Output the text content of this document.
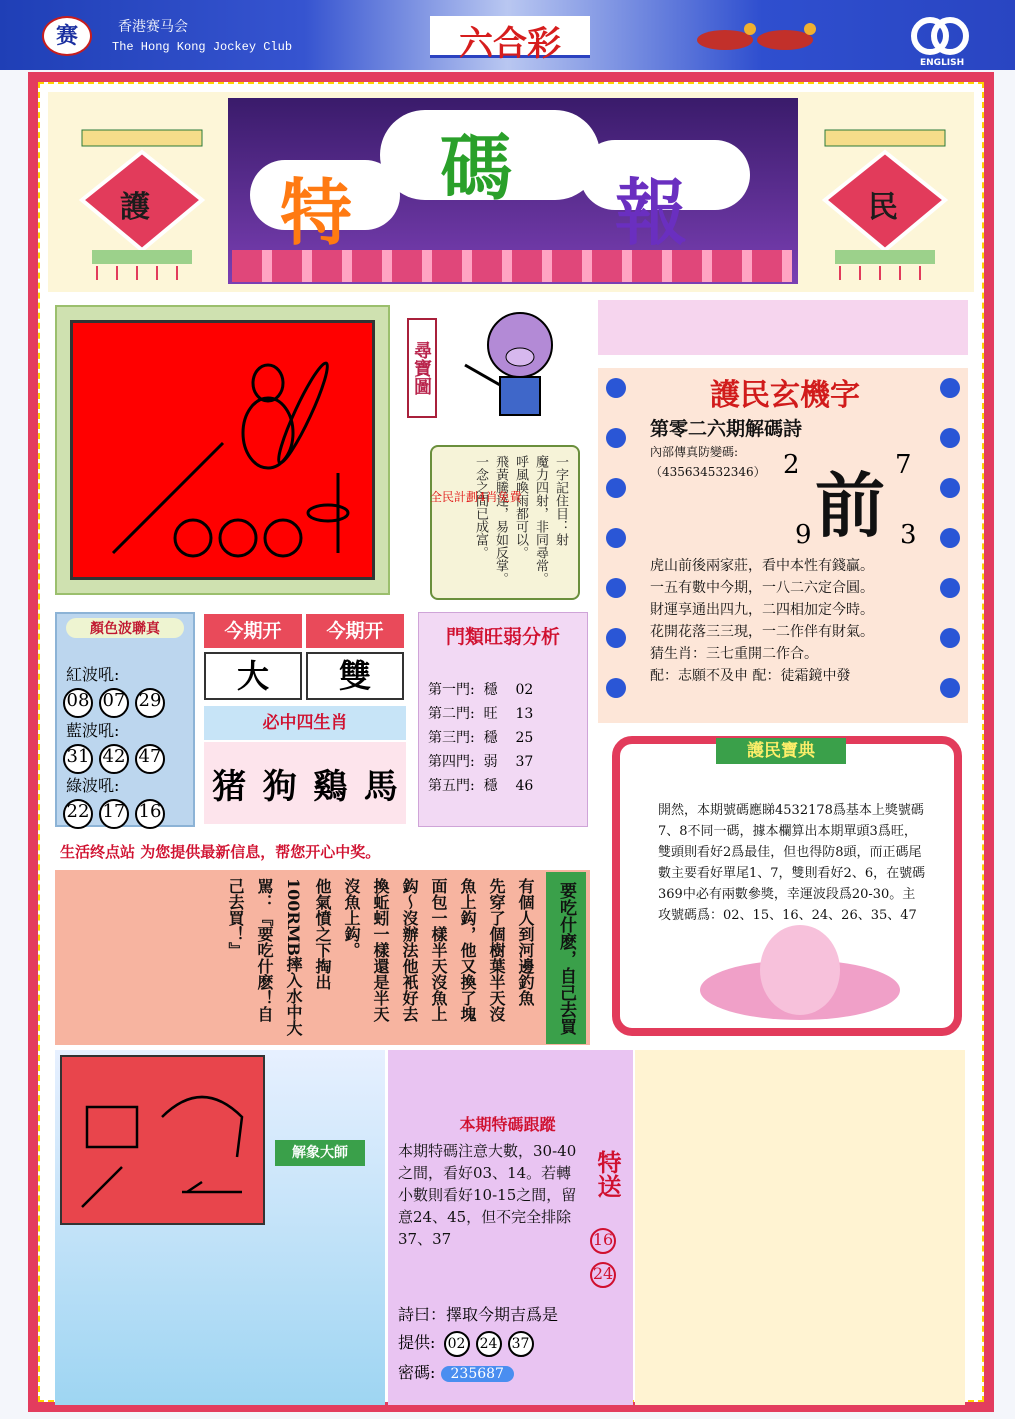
赛	香港赛马会
The Hong Kong Jockey Club	六合彩	ENGLISH
護	民
特
碼
報
尋寶圖
一字記住目：射
魔力四射，非同尋常。
呼風喚雨都可以。
飛黃騰達，易如反掌。
一念之間已成富。
全民計劃4肖免費
護民玄機字
第零二六期解碼詩
內部傳真防變碼:
（435634532346） 前
2	7
9	3
虎山前後兩家莊，看中本性有錢贏。
一五有數中今期，一八二六定合圓。
財運享通出四九，二四相加定今時。
花開花落三三現，一二作伴有財氣。
猜生肖：三七重開二作合。
配：志願不及申 配：徒霜鏡中發
顏色波聯真
紅波吼:
08 07 29
藍波吼:
31 42 47
綠波吼:
22 17 16
今期开	今期开
大	雙
必中四生肖
猪 狗 鷄 馬
門類旺弱分析
第一門: 穩 02
第二門: 旺 13
第三門: 穩 25
第四門: 弱 37
第五門: 穩 46
護民寶典
開然，本期號碼應睇4532178爲基本上獎號碼7、8不同一碼，據本欄算出本期單頭3爲旺，雙頭則看好2爲最佳，但也得防8頭，而正碼尾數主要看好單尾1、7，雙則看好2、6，在號碼369中必有兩數參獎，幸運波段爲20-30。主攻號碼爲：02、15、16、24、26、35、47
生活终点站 为您提供最新信息，帮您开心中奖。
要吃什麽，自己去買
有個人到河邊釣魚
先穿了個樹葉半天沒
魚上鈎，他又換了塊
面包一樣半天沒魚上
鈎～沒辦法他衹好去
換蚯蚓一樣還是半天
沒魚上鈎。
他氣憤之下掏出
100RMB摔入水中大
駡：『要吃什麽！自
己去買！』
解象大師
本期特碼跟蹤
本期特碼注意大數，30-40之間，看好03、14。若轉小數則看好10-15之間，留意24、45，但不完全排除37、37
特送
16
24
詩曰：擇取今期吉爲是
提供: 02 24 37
密碼: 235687
